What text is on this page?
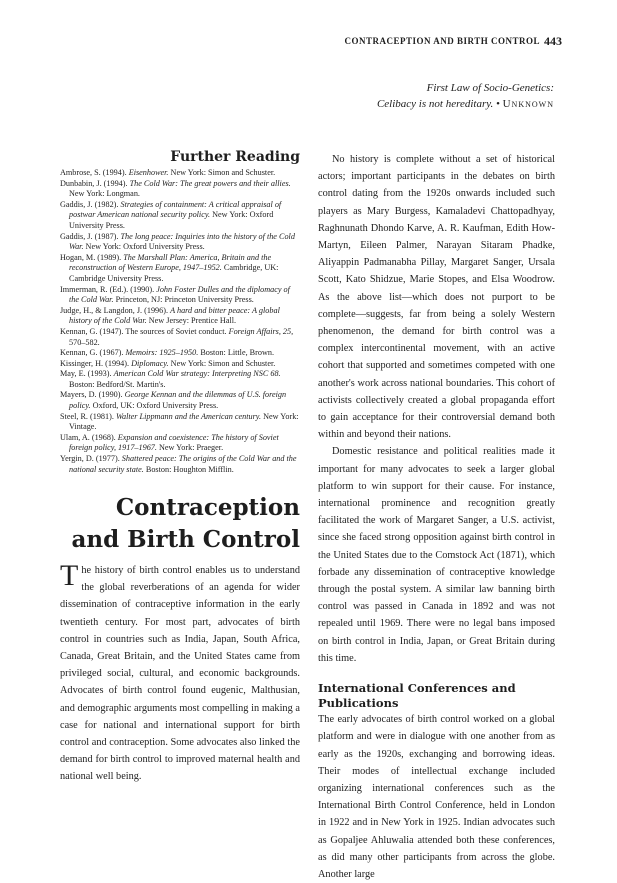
CONTRACEPTION AND BIRTH CONTROL 443
First Law of Socio-Genetics:
Celibacy is not hereditary. • Unknown
Further Reading

Ambrose, S. (1994). Eisenhower. New York: Simon and Schuster.

Dunbabin, J. (1994). The Cold War: The great powers and their allies. New York: Longman.

Gaddis, J. (1982). Strategies of containment: A critical appraisal of postwar American national security policy. New York: Oxford University Press.

Gaddis, J. (1987). The long peace: Inquiries into the history of the Cold War. New York: Oxford University Press.

Hogan, M. (1989). The Marshall Plan: America, Britain and the reconstruction of Western Europe, 1947–1952. Cambridge, UK: Cambridge University Press.

Immerman, R. (Ed.). (1990). John Foster Dulles and the diplomacy of the Cold War. Princeton, NJ: Princeton University Press.

Judge, H., & Langdon, J. (1996). A hard and bitter peace: A global history of the Cold War. New Jersey: Prentice Hall.

Kennan, G. (1947). The sources of Soviet conduct. Foreign Affairs, 25, 570–582.

Kennan, G. (1967). Memoirs: 1925–1950. Boston: Little, Brown.

Kissinger, H. (1994). Diplomacy. New York: Simon and Schuster.

May, E. (1993). American Cold War strategy: Interpreting NSC 68. Boston: Bedford/St. Martin's.

Mayers, D. (1990). George Kennan and the dilemmas of U.S. foreign policy. Oxford, UK: Oxford University Press.

Steel, R. (1981). Walter Lippmann and the American century. New York: Vintage.

Ulam, A. (1968). Expansion and coexistence: The history of Soviet foreign policy, 1917–1967. New York: Praeger.

Yergin, D. (1977). Shattered peace: The origins of the Cold War and the national security state. Boston: Houghton Mifflin.

Contraception
and Birth Control

The history of birth control enables us to understand the global reverberations of an agenda for wider dissemination of contraceptive information in the early twentieth century. For most part, advocates of birth control in countries such as India, Japan, South Africa, Canada, Great Britain, and the United States came from privileged social, cultural, and economic backgrounds. Advocates of birth control found eugenic, Malthusian, and demographic arguments most compelling in making a case for national and international support for birth control and contraception. Some advocates also linked the demand for birth control to improved maternal health and national well being.

No history is complete without a set of historical actors; important participants in the debates on birth control dating from the 1920s onwards included such players as Mary Burgess, Kamaladevi Chattopadhyay, Raghnunath Dhondo Karve, A. R. Kaufman, Edith How-Martyn, Eileen Palmer, Narayan Sitaram Phadke, Aliyappin Padmanabha Pillay, Margaret Sanger, Ursala Scott, Kato Shidzue, Marie Stopes, and Elsa Woodrow. As the above list—which does not purport to be complete—suggests, far from being a solely Western phenomenon, the demand for birth control was a complex intercontinental movement, with an active cohort that supported and sometimes competed with one another's work across national boundaries. This cohort of activists collectively created a global propaganda effort to gain acceptance for their controversial demand both within and beyond their nations.

Domestic resistance and political realities made it important for many advocates to seek a larger global platform to win support for their cause. For instance, international prominence and recognition greatly facilitated the work of Margaret Sanger, a U.S. activist, since she faced strong opposition against birth control in the United States due to the Comstock Act (1871), which forbade any dissemination of contraceptive knowledge through the postal system. A similar law banning birth control was passed in Canada in 1892 and was not repealed until 1969. There were no legal bans imposed on birth control in India, Japan, or Great Britain during this time.

International Conferences and Publications

The early advocates of birth control worked on a global platform and were in dialogue with one another from as early as the 1920s, exchanging and borrowing ideas. Their modes of intellectual exchange included organizing international conferences such as the International Birth Control Conference, held in London in 1922 and in New York in 1925. Indian advocates such as Gopaljee Ahluwalia attended both these conferences, as did many other participants from across the globe. Another large
